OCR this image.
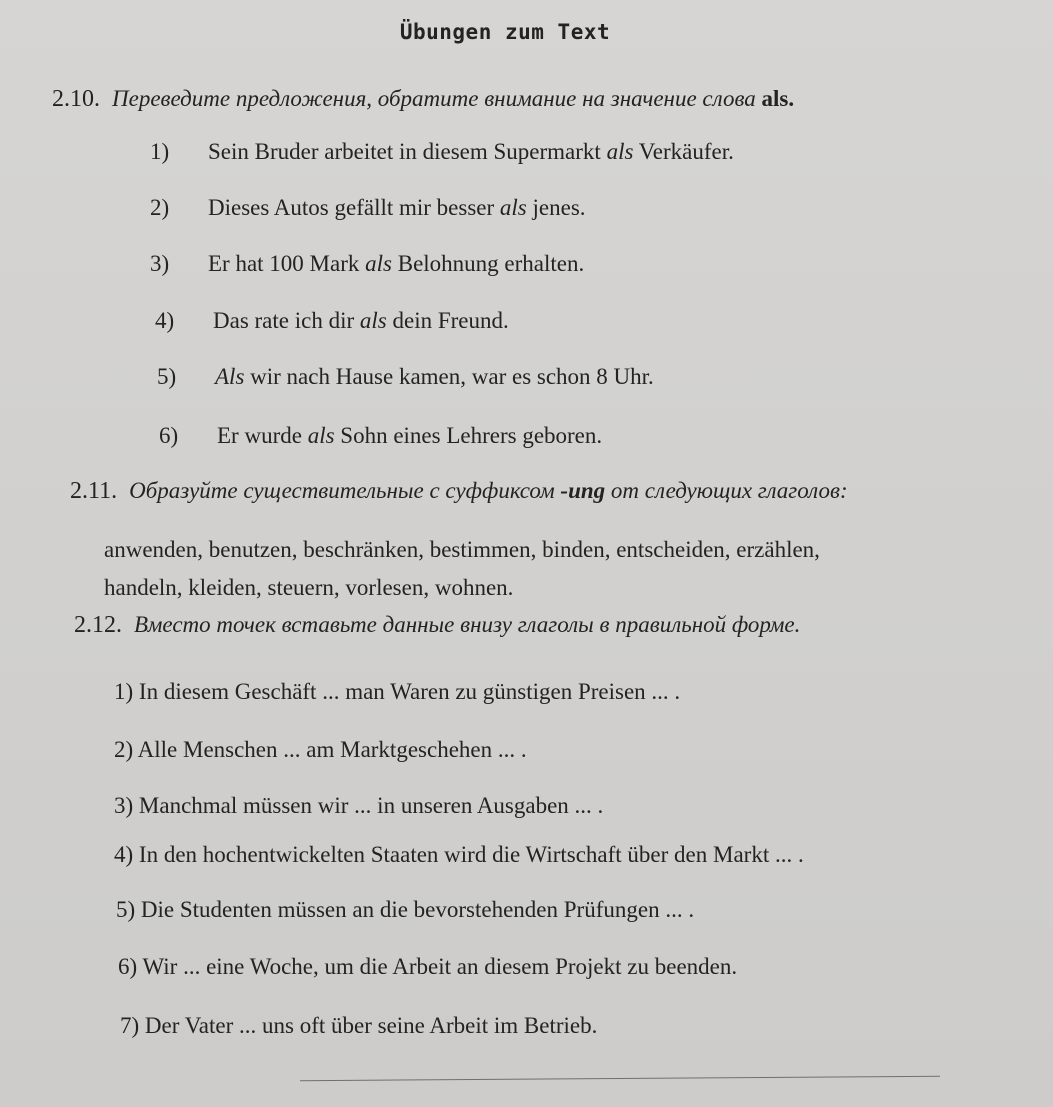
Übungen zum Text
2.10. Переведите предложения, обратите внимание на значение слова als.
1) Sein Bruder arbeitet in diesem Supermarkt als Verkäufer.
2) Dieses Autos gefällt mir besser als jenes.
3) Er hat 100 Mark als Belohnung erhalten.
4) Das rate ich dir als dein Freund.
5) Als wir nach Hause kamen, war es schon 8 Uhr.
6) Er wurde als Sohn eines Lehrers geboren.
2.11. Образуйте существительные с суффиксом -ung от следующих глаголов:
anwenden, benutzen, beschränken, bestimmen, binden, entscheiden, erzählen,
handeln, kleiden, steuern, vorlesen, wohnen.
2.12. Вместо точек вставьте данные внизу глаголы в правильной форме.
1) In diesem Geschäft ... man Waren zu günstigen Preisen ... .
2) Alle Menschen ... am Marktgeschehen ... .
3) Manchmal müssen wir ... in unseren Ausgaben ... .
4) In den hochentwickelten Staaten wird die Wirtschaft über den Markt ... .
5) Die Studenten müssen an die bevorstehenden Prüfungen ... .
6) Wir ... eine Woche, um die Arbeit an diesem Projekt zu beenden.
7) Der Vater ... uns oft über seine Arbeit im Betrieb.
